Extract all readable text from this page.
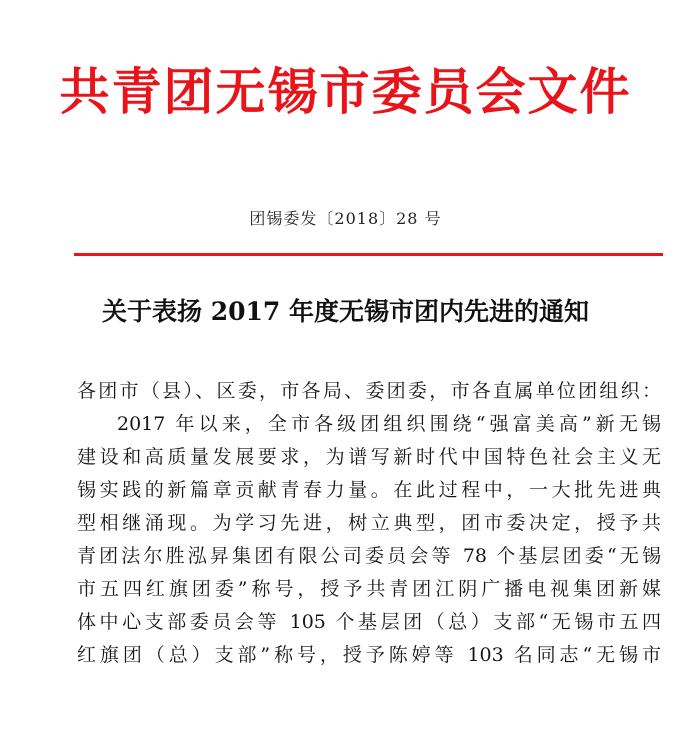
共青团无锡市委员会文件
团锡委发〔2018〕28 号
关于表扬 2017 年度无锡市团内先进的通知
各团市（县）、区委，市各局、委团委，市各直属单位团组织：
2017 年以来，全市各级团组织围绕“强富美高”新无锡
建设和高质量发展要求，为谱写新时代中国特色社会主义无
锡实践的新篇章贡献青春力量。在此过程中，一大批先进典
型相继涌现。为学习先进，树立典型，团市委决定，授予共
青团法尔胜泓昇集团有限公司委员会等 78 个基层团委“无锡
市五四红旗团委”称号，授予共青团江阴广播电视集团新媒
体中心支部委员会等 105 个基层团（总）支部“无锡市五四
红旗团（总）支部”称号，授予陈婷等 103 名同志“无锡市
